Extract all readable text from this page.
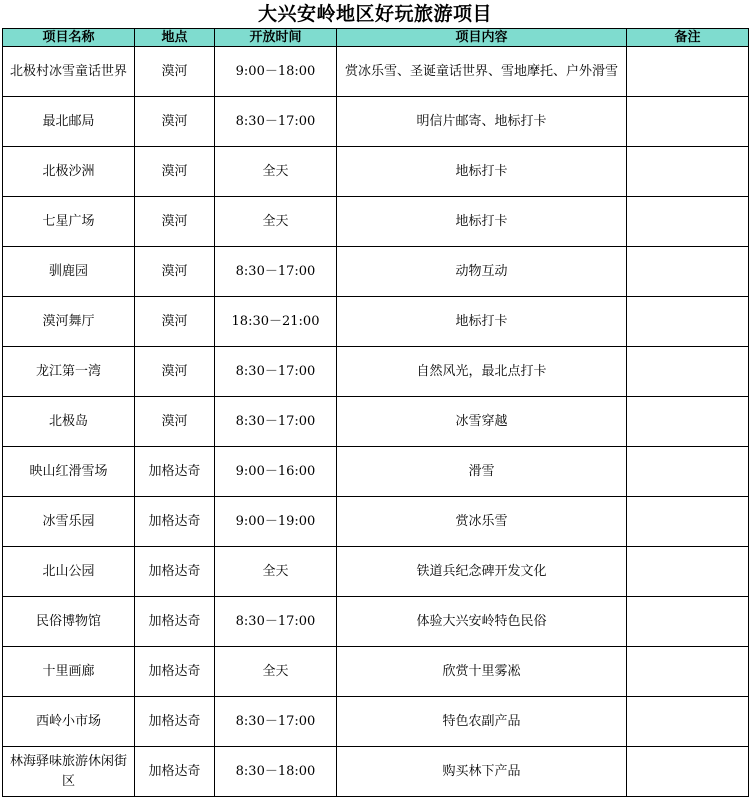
大兴安岭地区好玩旅游项目
项目名称	地点	开放时间	项目内容	备注
北极村冰雪童话世界	漠河	9:00－18:00	赏冰乐雪、圣诞童话世界、雪地摩托、户外滑雪	
最北邮局	漠河	8:30－17:00	明信片邮寄、地标打卡	
北极沙洲	漠河	全天	地标打卡	
七星广场	漠河	全天	地标打卡	
驯鹿园	漠河	8:30－17:00	动物互动	
漠河舞厅	漠河	18:30－21:00	地标打卡	
龙江第一湾	漠河	8:30－17:00	自然风光，最北点打卡	
北极岛	漠河	8:30－17:00	冰雪穿越	
映山红滑雪场	加格达奇	9:00－16:00	滑雪	
冰雪乐园	加格达奇	9:00－19:00	赏冰乐雪	
北山公园	加格达奇	全天	铁道兵纪念碑开发文化	
民俗博物馆	加格达奇	8:30－17:00	体验大兴安岭特色民俗	
十里画廊	加格达奇	全天	欣赏十里雾凇	
西岭小市场	加格达奇	8:30－17:00	特色农副产品	
林海驿味旅游休闲街区	加格达奇	8:30－18:00	购买林下产品	
